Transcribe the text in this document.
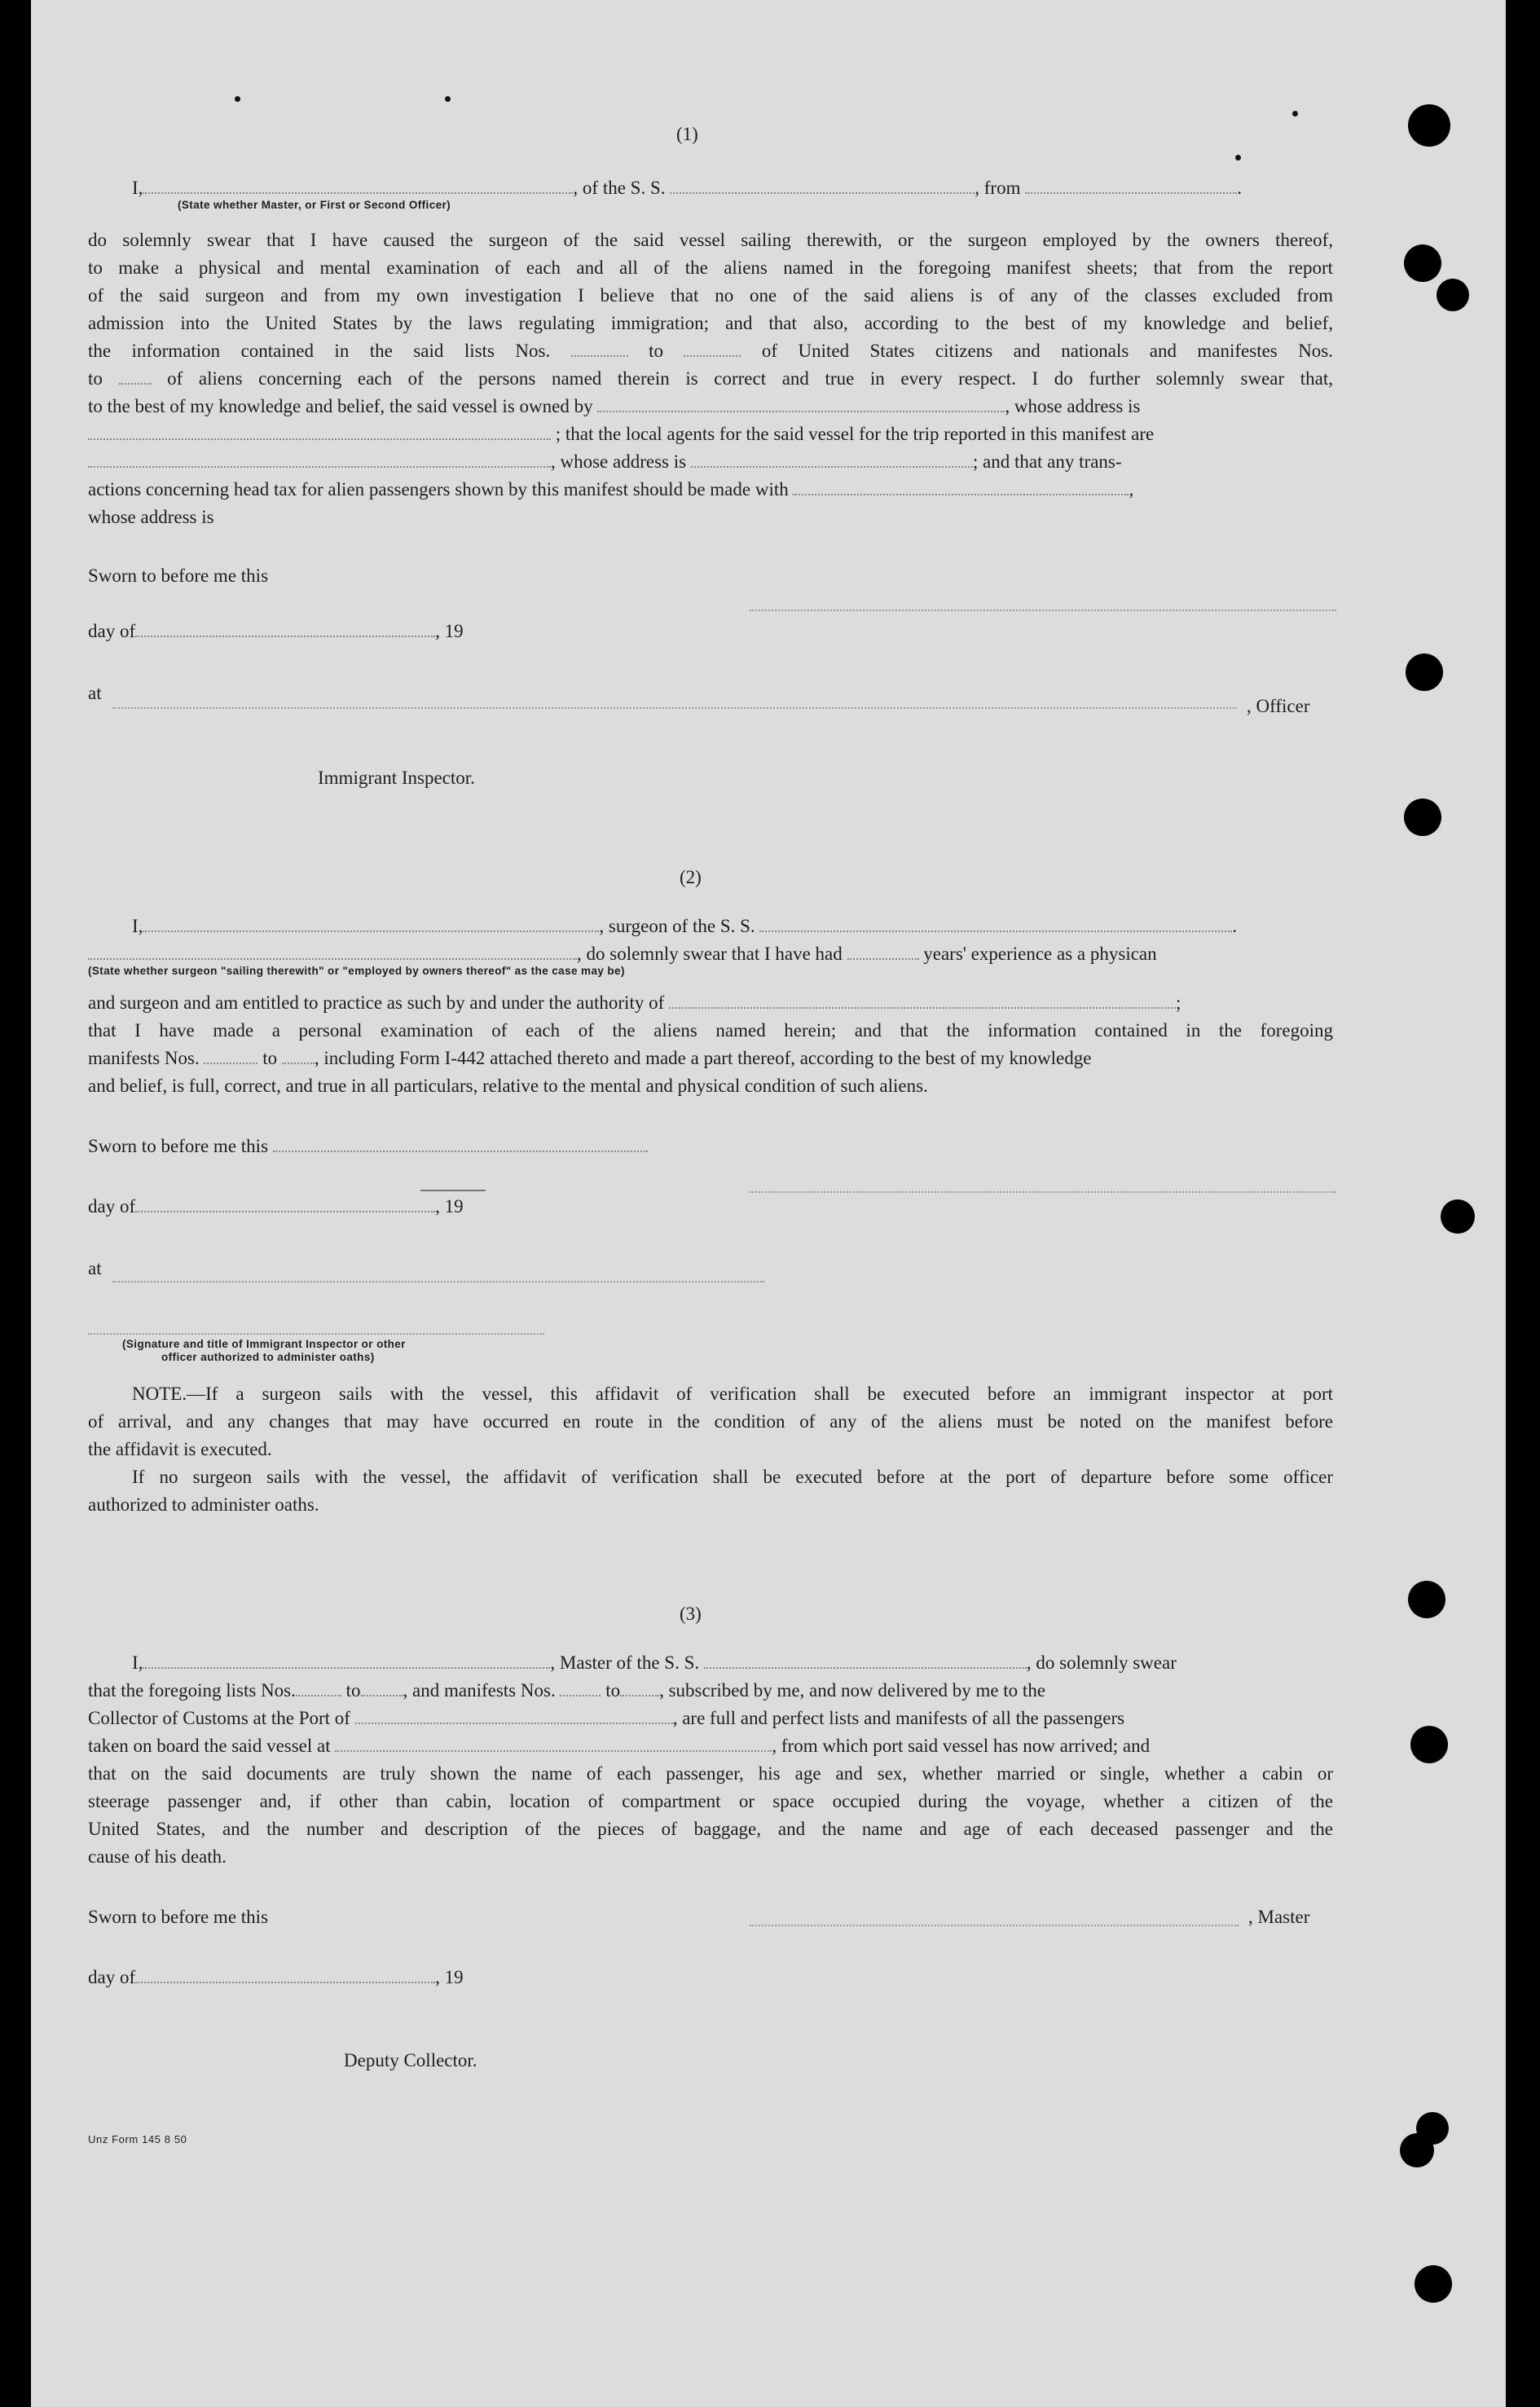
(1)
I,	, of the S. S.	, from	.
(State whether Master, or First or Second Officer)
do solemnly swear that I have caused the surgeon of the said vessel sailing therewith, or the surgeon employed by the owners thereof,
to make a physical and mental examination of each and all of the aliens named in the foregoing manifest sheets; that from the report
of the said surgeon and from my own investigation I believe that no one of the said aliens is of any of the classes excluded from
admission into the United States by the laws regulating immigration; and that also, according to the best of my knowledge and belief,
the information contained in the said lists Nos.	to	of United States citizens and nationals and manifestes Nos.
to	of aliens concerning each of the persons named therein is correct and true in every respect. I do further solemnly swear that,
to the best of my knowledge and belief, the said vessel is owned by	, whose address is
; that the local agents for the said vessel for the trip reported in this manifest are
, whose address is	; and that any trans-
actions concerning head tax for alien passengers shown by this manifest should be made with	,
whose address is
Sworn to before me this
day of	, 19
at
, Officer
Immigrant Inspector.
(2)
I,	, surgeon of the S. S.	.
, do solemnly swear that I have had	years' experience as a physican
(State whether surgeon "sailing therewith" or "employed by owners thereof" as the case may be)
and surgeon and am entitled to practice as such by and under the authority of	;
that I have made a personal examination of each of the aliens named herein; and that the information contained in the foregoing
manifests Nos.	to , including Form I-442 attached thereto and made a part thereof, according to the best of my knowledge
and belief, is full, correct, and true in all particulars, relative to the mental and physical condition of such aliens.
Sworn to before me this
day of	, 19
at
(Signature and title of Immigrant Inspector or other
officer authorized to administer oaths)
NOTE.—If a surgeon sails with the vessel, this affidavit of verification shall be executed before an immigrant inspector at port
of arrival, and any changes that may have occurred en route in the condition of any of the aliens must be noted on the manifest before
the affidavit is executed.
If no surgeon sails with the vessel, the affidavit of verification shall be executed before at the port of departure before some officer
authorized to administer oaths.
(3)
I,	, Master of the S. S.	, do solemnly swear
that the foregoing lists Nos.	to , and manifests Nos.	to , subscribed by me, and now delivered by me to the
Collector of Customs at the Port of	, are full and perfect lists and manifests of all the passengers
taken on board the said vessel at	, from which port said vessel has now arrived; and
that on the said documents are truly shown the name of each passenger, his age and sex, whether married or single, whether a cabin or
steerage passenger and, if other than cabin, location of compartment or space occupied during the voyage, whether a citizen of the
United States, and the number and description of the pieces of baggage, and the name and age of each deceased passenger and the
cause of his death.
Sworn to before me this	, Master
day of	, 19
Deputy Collector.
Unz Form 145 8 50
